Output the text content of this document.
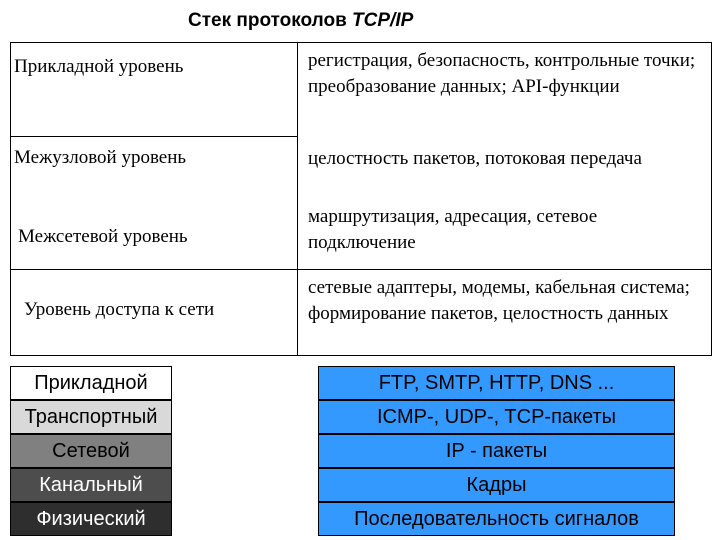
Стек протоколов TCP/IP
Прикладной уровень	регистрация, безопасность, контрольные точки; преобразование данных; API-функции
Межузловой уровень	целостность пакетов, потоковая передача
Межсетевой уровень
маршрутизация, адресация, сетевое подключение
Уровень доступа к сети
сетевые адаптеры, модемы, кабельная система; формирование пакетов, целостность данных
Прикладной
Транспортный
Сетевой
Канальный
Физический
FTP, SMTP, HTTP, DNS ...
ICMP-, UDP-, TCP-пакеты
IP - пакеты
Кадры
Последовательность сигналов
